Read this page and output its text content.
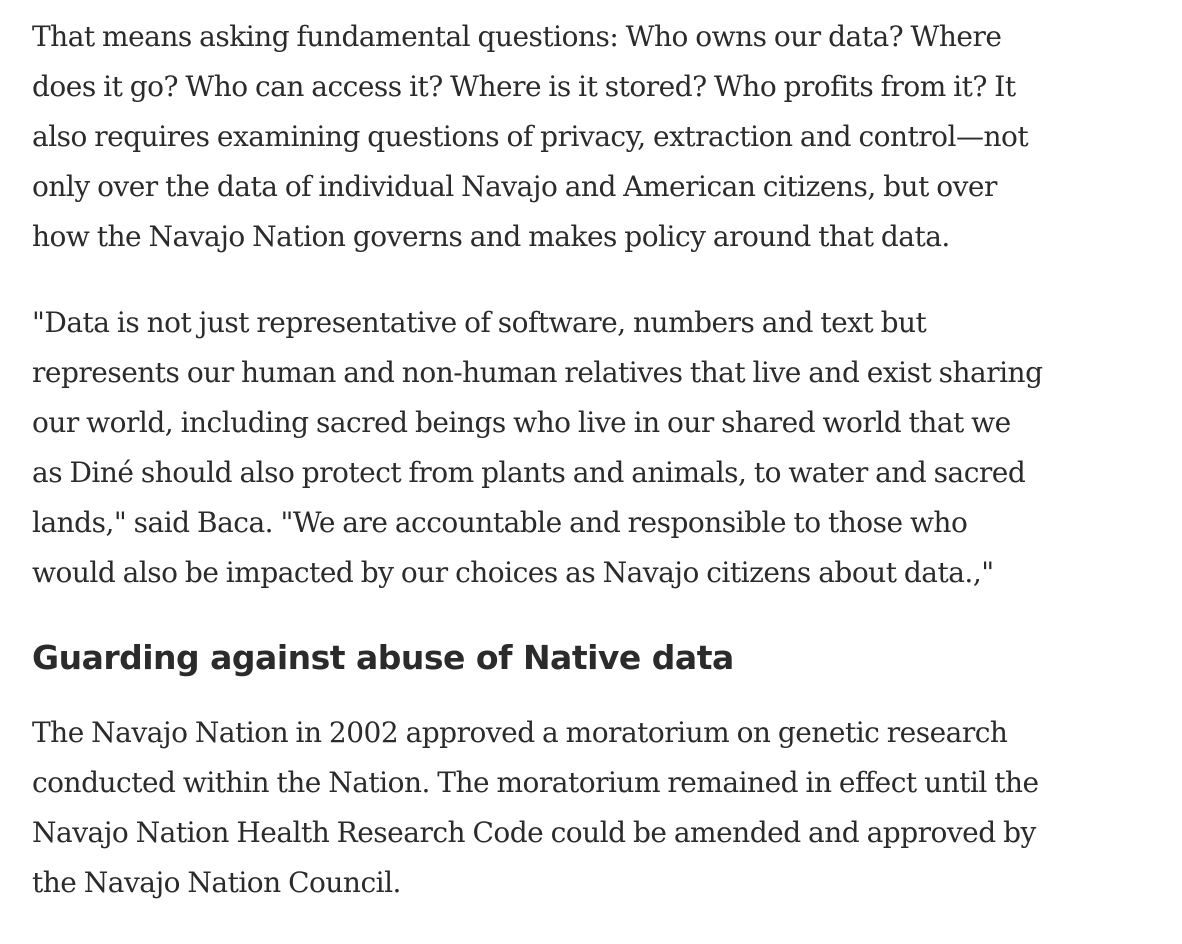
That means asking fundamental questions: Who owns our data? Where
does it go? Who can access it? Where is it stored? Who profits from it? It
also requires examining questions of privacy, extraction and control—not
only over the data of individual Navajo and American citizens, but over
how the Navajo Nation governs and makes policy around that data.

"Data is not just representative of software, numbers and text but
represents our human and non-human relatives that live and exist sharing
our world, including sacred beings who live in our shared world that we
as Diné should also protect from plants and animals, to water and sacred
lands," said Baca. "We are accountable and responsible to those who
would also be impacted by our choices as Navajo citizens about data.,"

Guarding against abuse of Native data

The Navajo Nation in 2002 approved a moratorium on genetic research
conducted within the Nation. The moratorium remained in effect until the
Navajo Nation Health Research Code could be amended and approved by
the Navajo Nation Council.
